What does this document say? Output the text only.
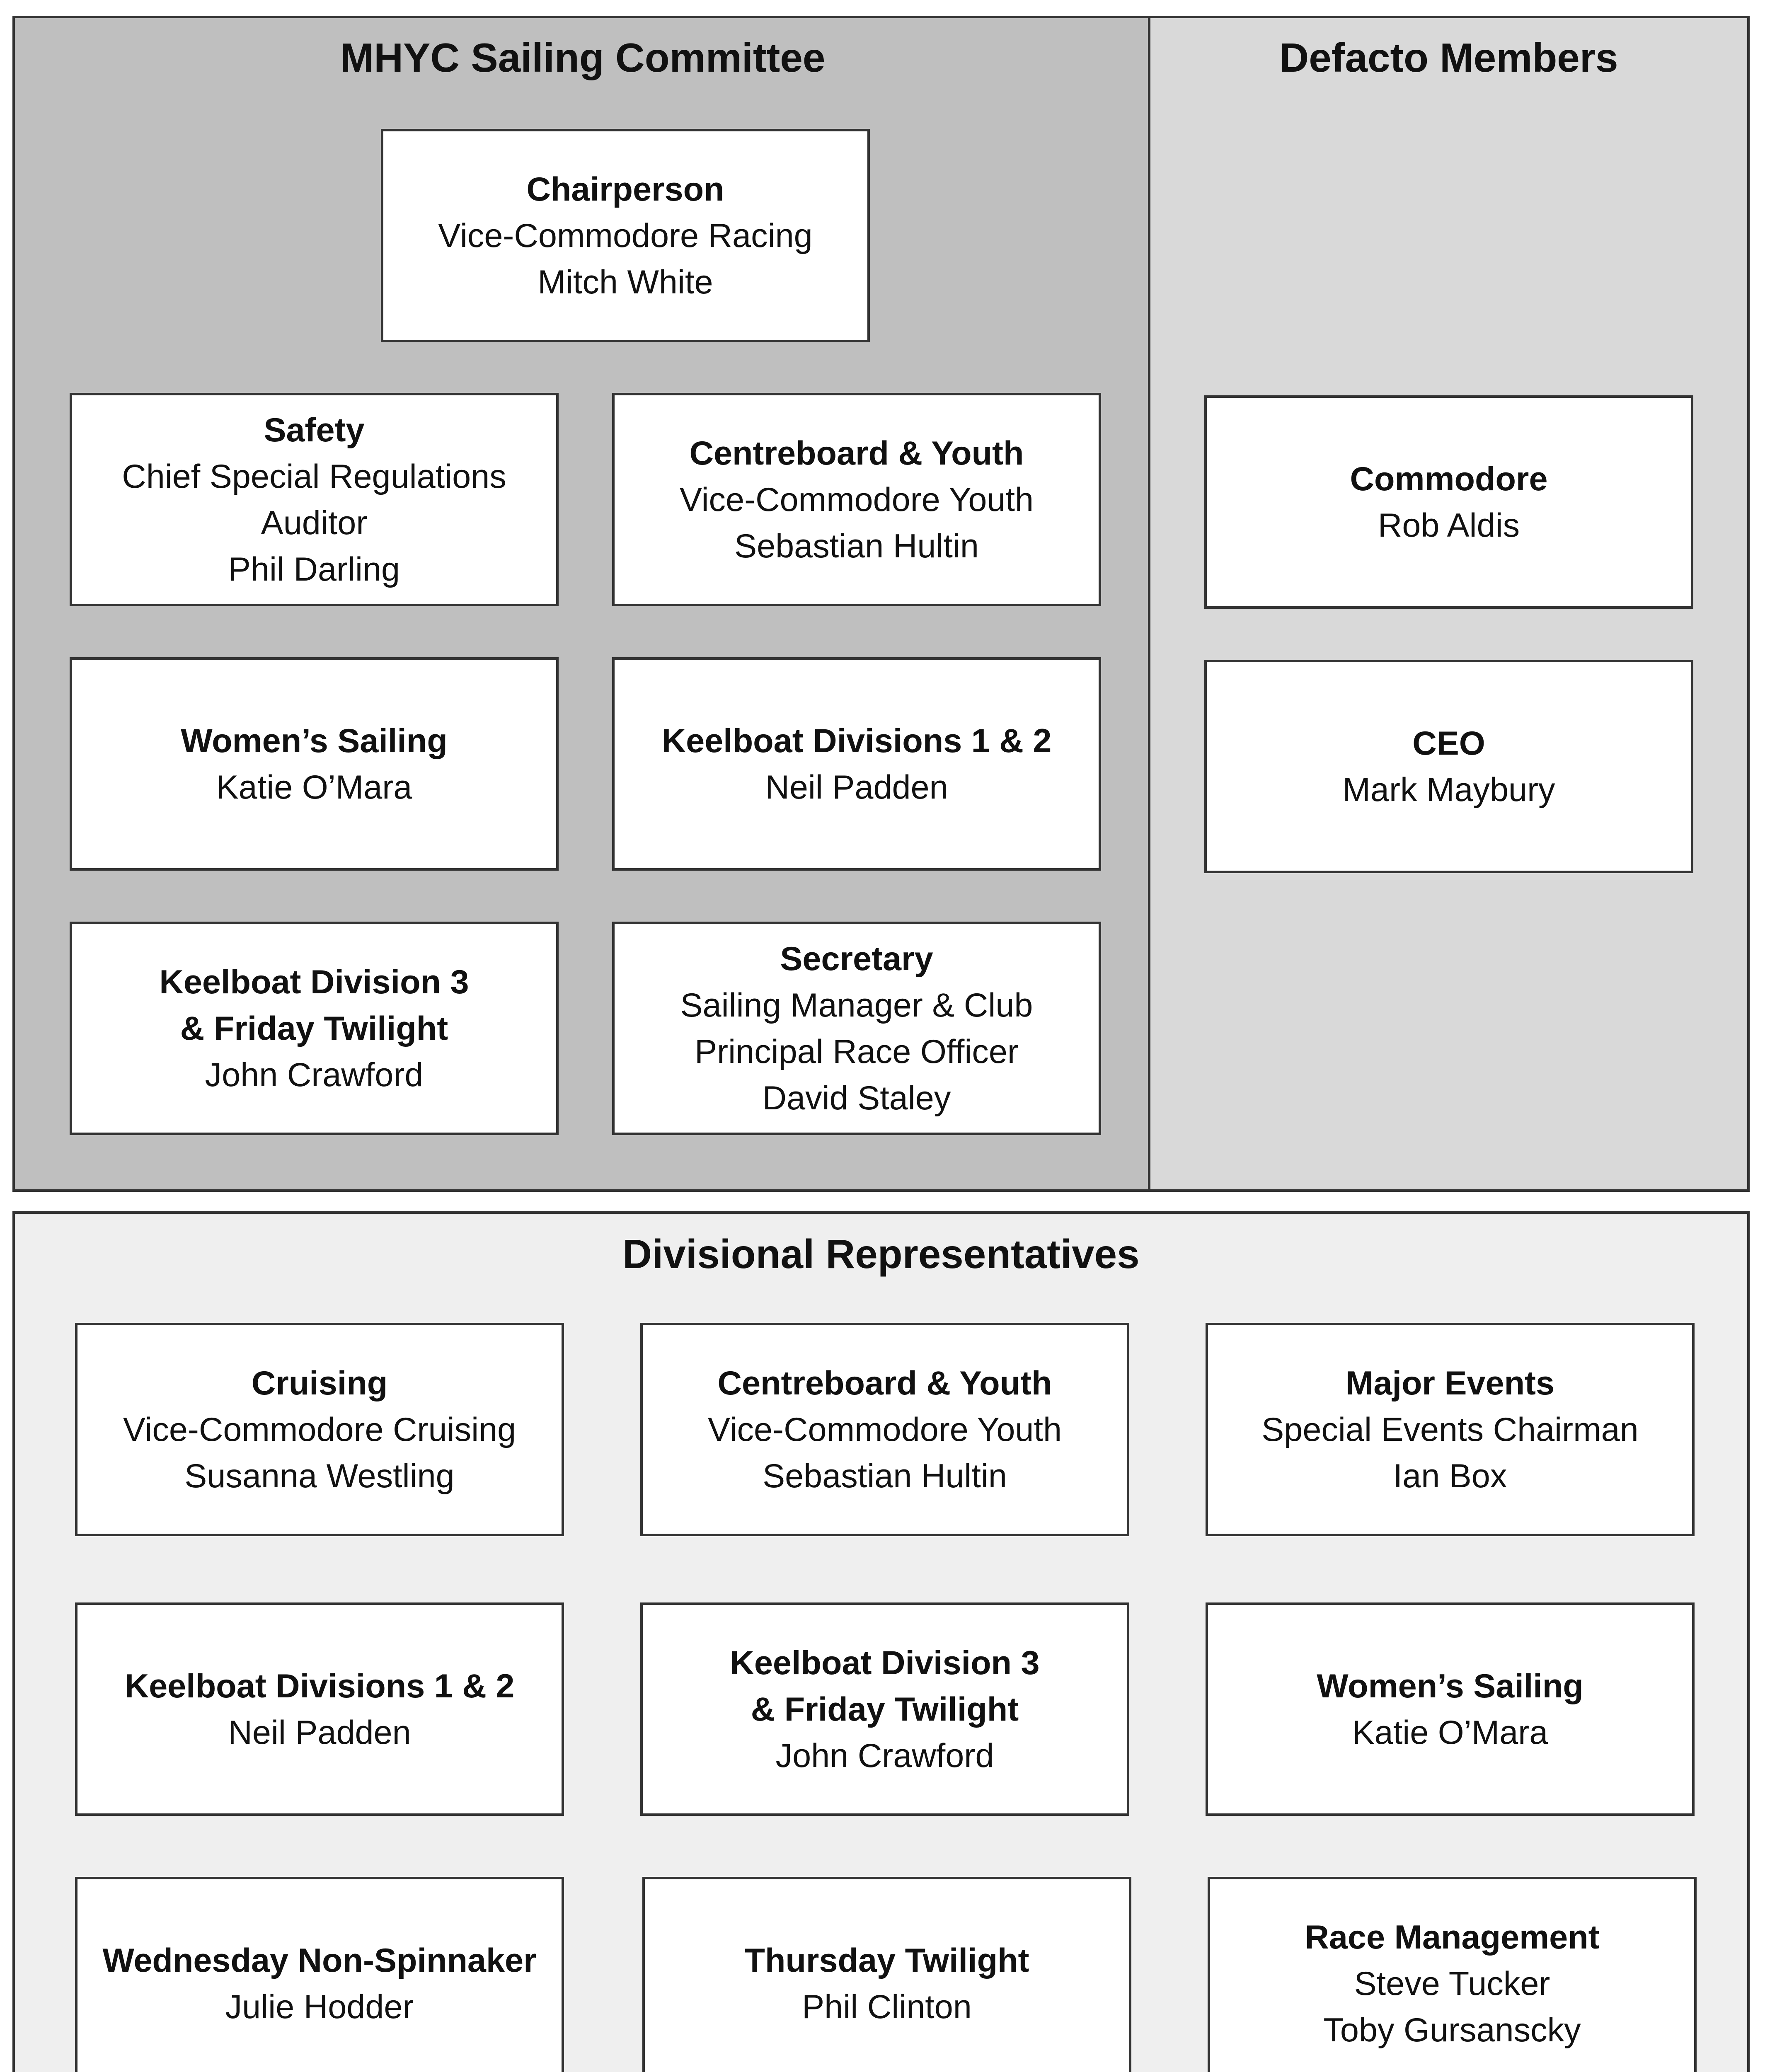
MHYC Sailing Committee
Chairperson
Vice-Commodore Racing
Mitch White
Safety
Chief Special Regulations
Auditor
Phil Darling
Centreboard & Youth
Vice-Commodore Youth
Sebastian Hultin
Women’s Sailing
Katie O’Mara
Keelboat Divisions 1 & 2
Neil Padden
Keelboat Division 3
& Friday Twilight
John Crawford
Secretary
Sailing Manager & Club
Principal Race Officer
David Staley
Defacto Members
Commodore
Rob Aldis
CEO
Mark Maybury
Divisional Representatives
Cruising
Vice-Commodore Cruising
Susanna Westling
Centreboard & Youth
Vice-Commodore Youth
Sebastian Hultin
Major Events
Special Events Chairman
Ian Box
Keelboat Divisions 1 & 2
Neil Padden
Keelboat Division 3
& Friday Twilight
John Crawford
Women’s Sailing
Katie O’Mara
Wednesday Non-Spinnaker
Julie Hodder
Thursday Twilight
Phil Clinton
Race Management
Steve Tucker
Toby Gursanscky
